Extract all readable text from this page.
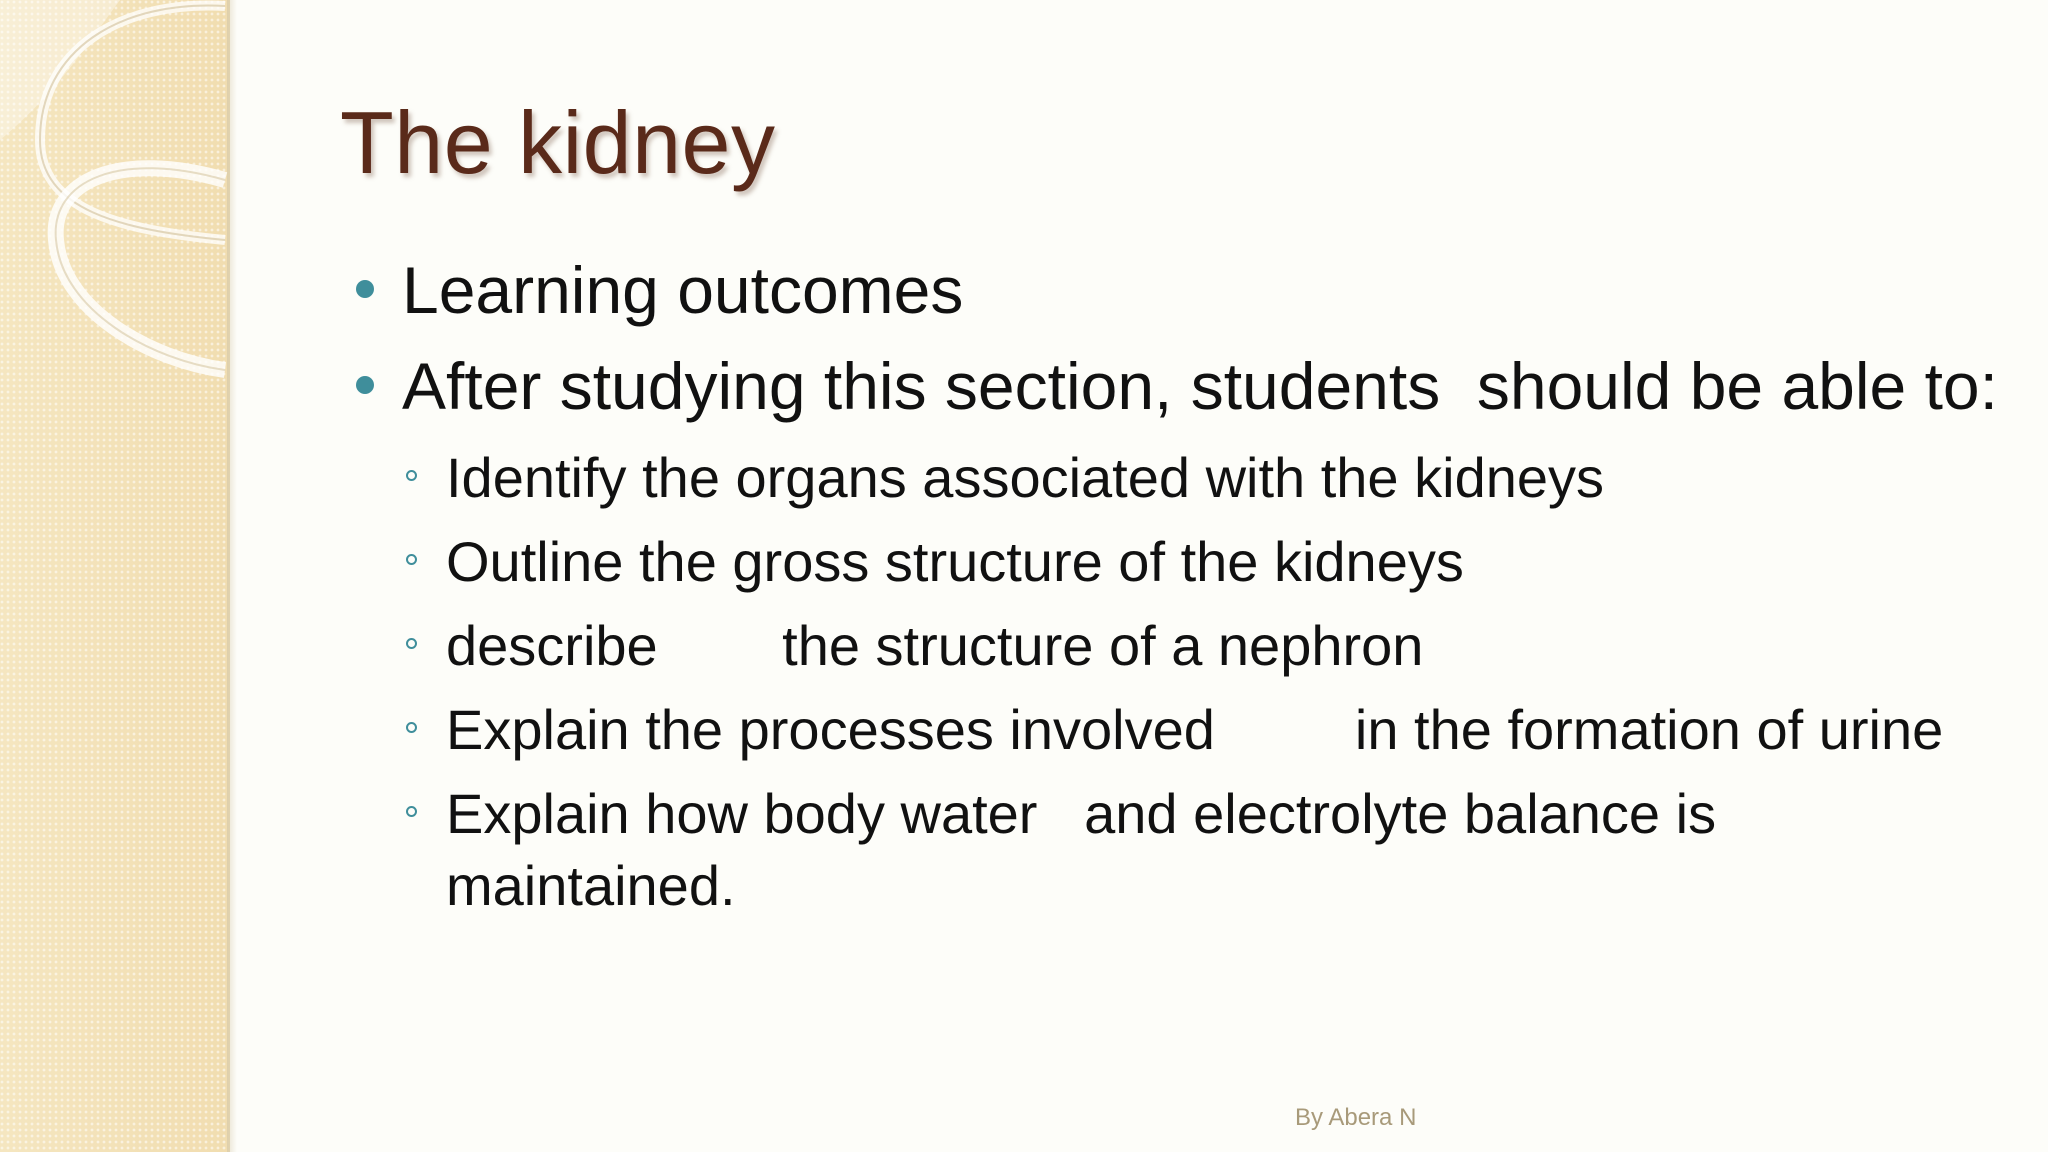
The kidney
Learning outcomes
After studying this section, students  should be able to:
Identify the organs associated with the kidneys
Outline the gross structure of the kidneys
describe        the structure of a nephron
Explain the processes involved         in the formation of urine
Explain how body water   and electrolyte balance is maintained.
By Abera N
